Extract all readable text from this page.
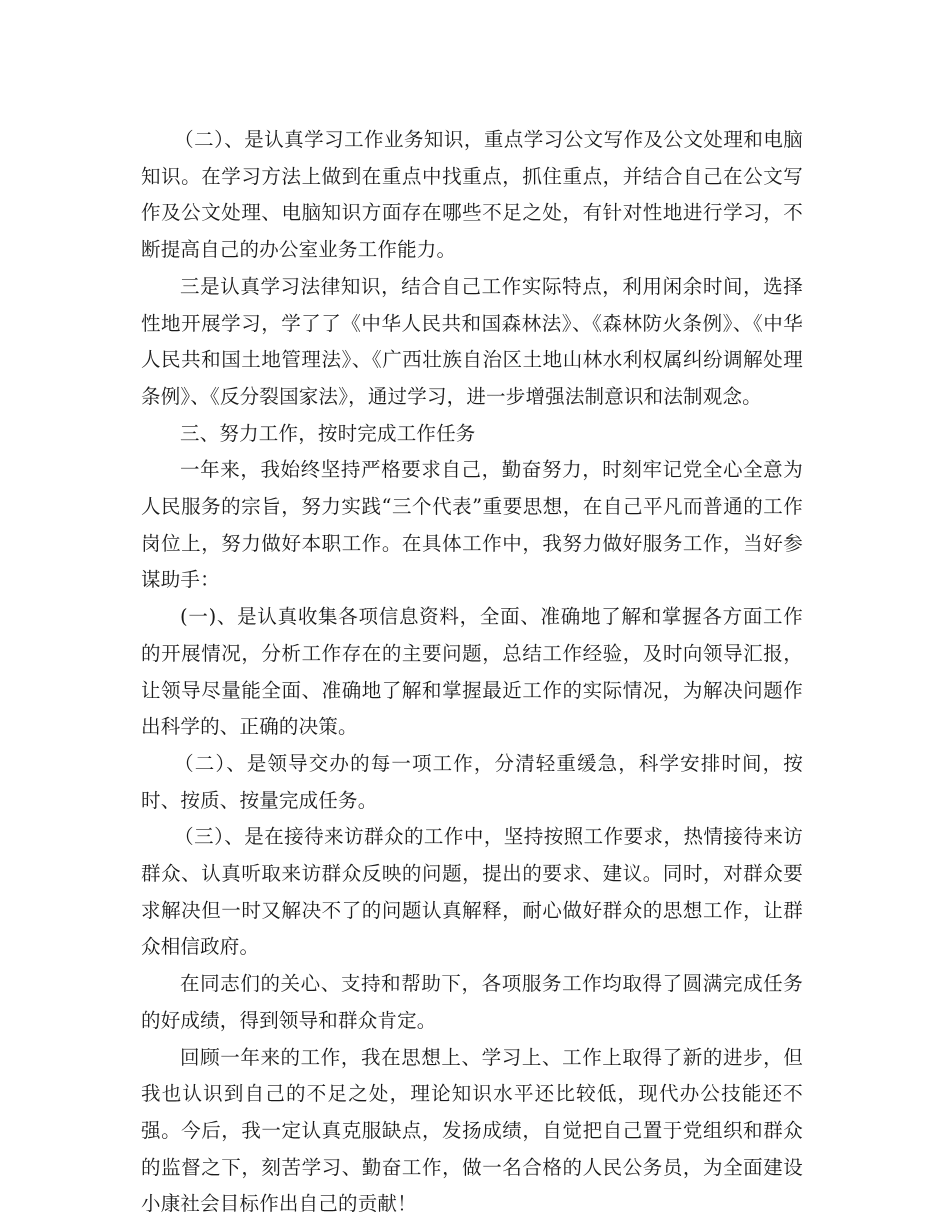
（二）、是认真学习工作业务知识，重点学习公文写作及公文处理和电脑知识。在学习方法上做到在重点中找重点，抓住重点，并结合自己在公文写作及公文处理、电脑知识方面存在哪些不足之处，有针对性地进行学习，不断提高自己的办公室业务工作能力。

三是认真学习法律知识，结合自己工作实际特点，利用闲余时间，选择性地开展学习，学了了《中华人民共和国森林法》、《森林防火条例》、《中华人民共和国土地管理法》、《广西壮族自治区土地山林水利权属纠纷调解处理条例》、《反分裂国家法》，通过学习，进一步增强法制意识和法制观念。

三、努力工作，按时完成工作任务

一年来，我始终坚持严格要求自己，勤奋努力，时刻牢记党全心全意为人民服务的宗旨，努力实践“三个代表”重要思想，在自己平凡而普通的工作岗位上，努力做好本职工作。在具体工作中，我努力做好服务工作，当好参谋助手：

(一)、是认真收集各项信息资料，全面、准确地了解和掌握各方面工作的开展情况，分析工作存在的主要问题，总结工作经验，及时向领导汇报，让领导尽量能全面、准确地了解和掌握最近工作的实际情况，为解决问题作出科学的、正确的决策。

（二）、是领导交办的每一项工作，分清轻重缓急，科学安排时间，按时、按质、按量完成任务。

（三）、是在接待来访群众的工作中，坚持按照工作要求，热情接待来访群众、认真听取来访群众反映的问题，提出的要求、建议。同时，对群众要求解决但一时又解决不了的问题认真解释，耐心做好群众的思想工作，让群众相信政府。

在同志们的关心、支持和帮助下，各项服务工作均取得了圆满完成任务的好成绩，得到领导和群众肯定。

回顾一年来的工作，我在思想上、学习上、工作上取得了新的进步，但我也认识到自己的不足之处，理论知识水平还比较低，现代办公技能还不强。今后，我一定认真克服缺点，发扬成绩，自觉把自己置于党组织和群众的监督之下，刻苦学习、勤奋工作，做一名合格的人民公务员，为全面建设小康社会目标作出自己的贡献！
